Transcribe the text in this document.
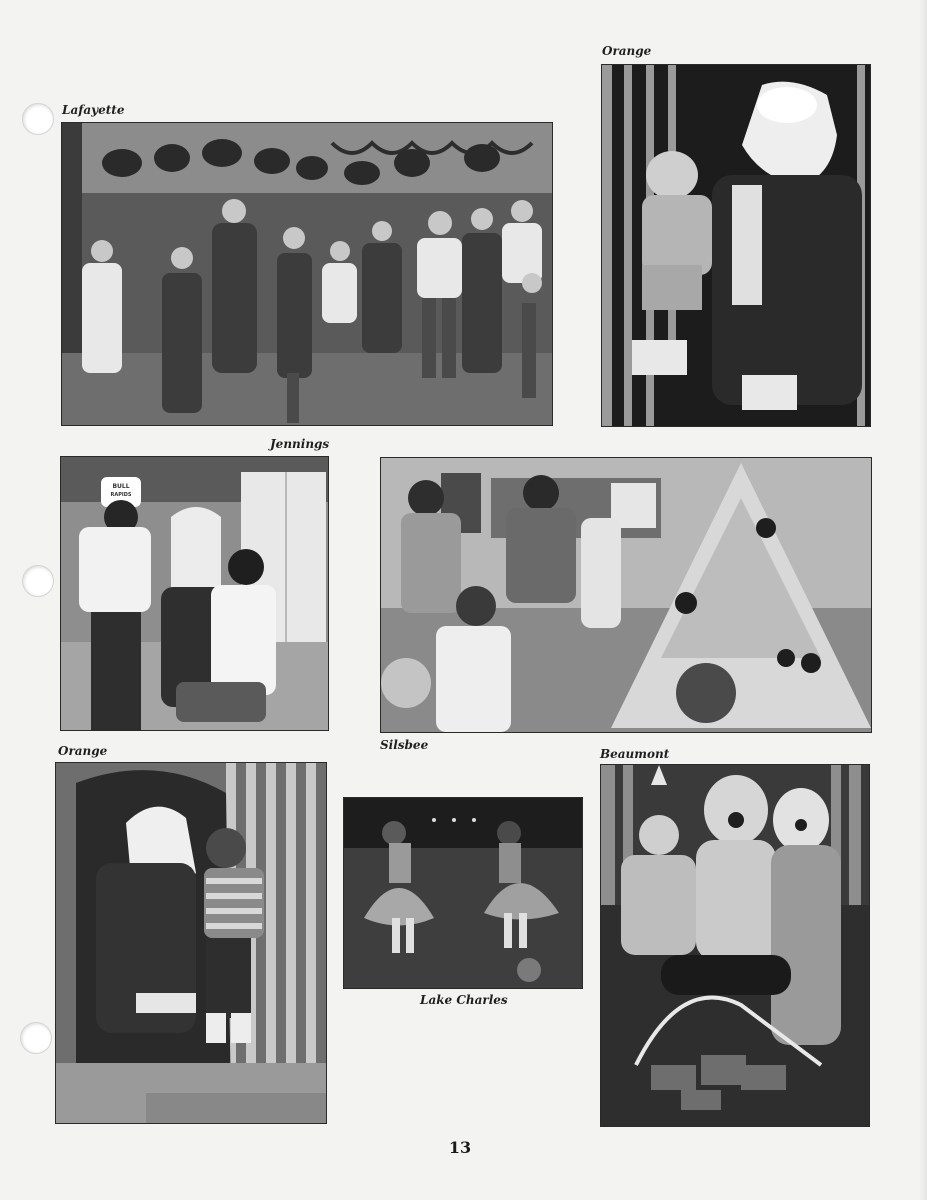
Lafayette
Orange
Jennings
Silsbee
Orange	Beaumont
Lake Charles
BULL
RAPIDS
13
